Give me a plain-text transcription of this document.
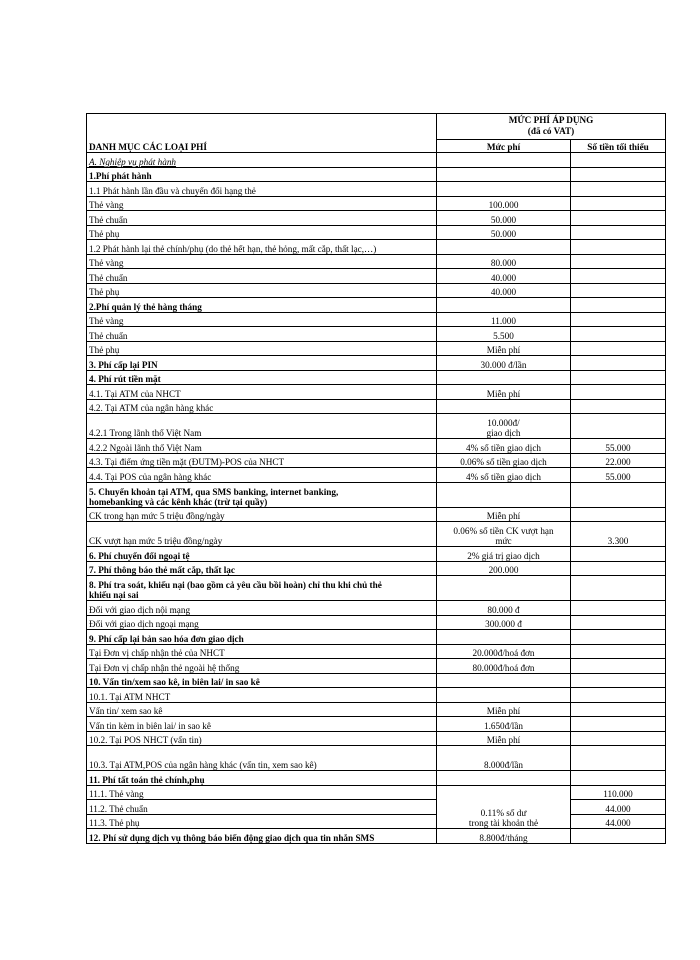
DANH MỤC CÁC LOẠI PHÍ	MỨC PHÍ ÁP DỤNG
(đã có VAT)	

	Mức phí	Số tiền tối thiểu
A. Nghiệp vụ phát hành		
1.Phí phát hành		
1.1 Phát hành lần đầu và chuyển đổi hạng thẻ		
Thẻ vàng	100.000	
Thẻ chuẩn	50.000	
Thẻ phụ	50.000	
1.2 Phát hành lại thẻ chính/phụ (do thẻ hết hạn, thẻ hỏng, mất cắp, thất lạc,…)		
Thẻ vàng	80.000	
Thẻ chuẩn	40.000	
Thẻ phụ	40.000	
2.Phí quản lý thẻ hàng tháng		
Thẻ vàng	11.000	
Thẻ chuẩn	5.500	
Thẻ phụ	Miễn phí	
3. Phí cấp lại PIN	30.000 đ/lần	
4. Phí rút tiền mặt		
4.1. Tại ATM của NHCT	Miễn phí	
4.2. Tại ATM của ngân hàng khác		
4.2.1 Trong lãnh thổ Việt Nam	10.000đ/
giao dịch	

4.2.2 Ngoài lãnh thổ Việt Nam	4% số tiền giao dịch	55.000
4.3. Tại điểm ứng tiền mặt (ĐUTM)-POS của NHCT	0.06% số tiền giao dịch	22.000
4.4. Tại POS của ngân hàng khác	4% số tiền giao dịch	55.000

5. Chuyển khoản tại ATM, qua SMS banking, internet banking,
homebanking và các kênh khác (trừ tại quầy)		

CK trong hạn mức 5 triệu đồng/ngày	Miễn phí	
CK vượt hạn mức 5 triệu đồng/ngày	0.06% số tiền CK vượt hạn
mức	3.300
6. Phí chuyển đổi ngoại tệ	2% giá trị giao dịch	
7. Phí thông báo thẻ mất cắp, thất lạc	200.000	

8. Phí tra soát, khiếu nại (bao gồm cả yêu cầu bồi hoàn) chỉ thu khi chủ thẻ
khiếu nại sai		

Đối với giao dịch nội mạng	80.000 đ	
Đối với giao dịch ngoại mạng	300.000 đ	
9. Phí cấp lại bản sao hóa đơn giao dịch		
Tại Đơn vị chấp nhận thẻ của NHCT	20.000đ/hoá đơn	
Tại Đơn vị chấp nhận thẻ ngoài hệ thống	80.000đ/hoá đơn	
10. Vấn tin/xem sao kê, in biên lai/ in sao kê		
10.1. Tại ATM NHCT		
Vấn tin/ xem sao kê	Miễn phí	
Vấn tin kèm in biên lai/ in sao kê	1.650đ/lần	
10.2. Tại POS NHCT (vấn tin)	Miễn phí	
10.3. Tại ATM,POS của ngân hàng khác (vấn tin, xem sao kê)	8.000đ/lần	
11. Phí tất toán thẻ chính,phụ		
11.1. Thẻ vàng	0.11% số dư
trong tài khoản thẻ	110.000
11.2. Thẻ chuẩn		44.000
11.3. Thẻ phụ		44.000
12. Phí sử dụng dịch vụ thông báo biến động giao dịch qua tin nhắn SMS	8.800đ/tháng	
